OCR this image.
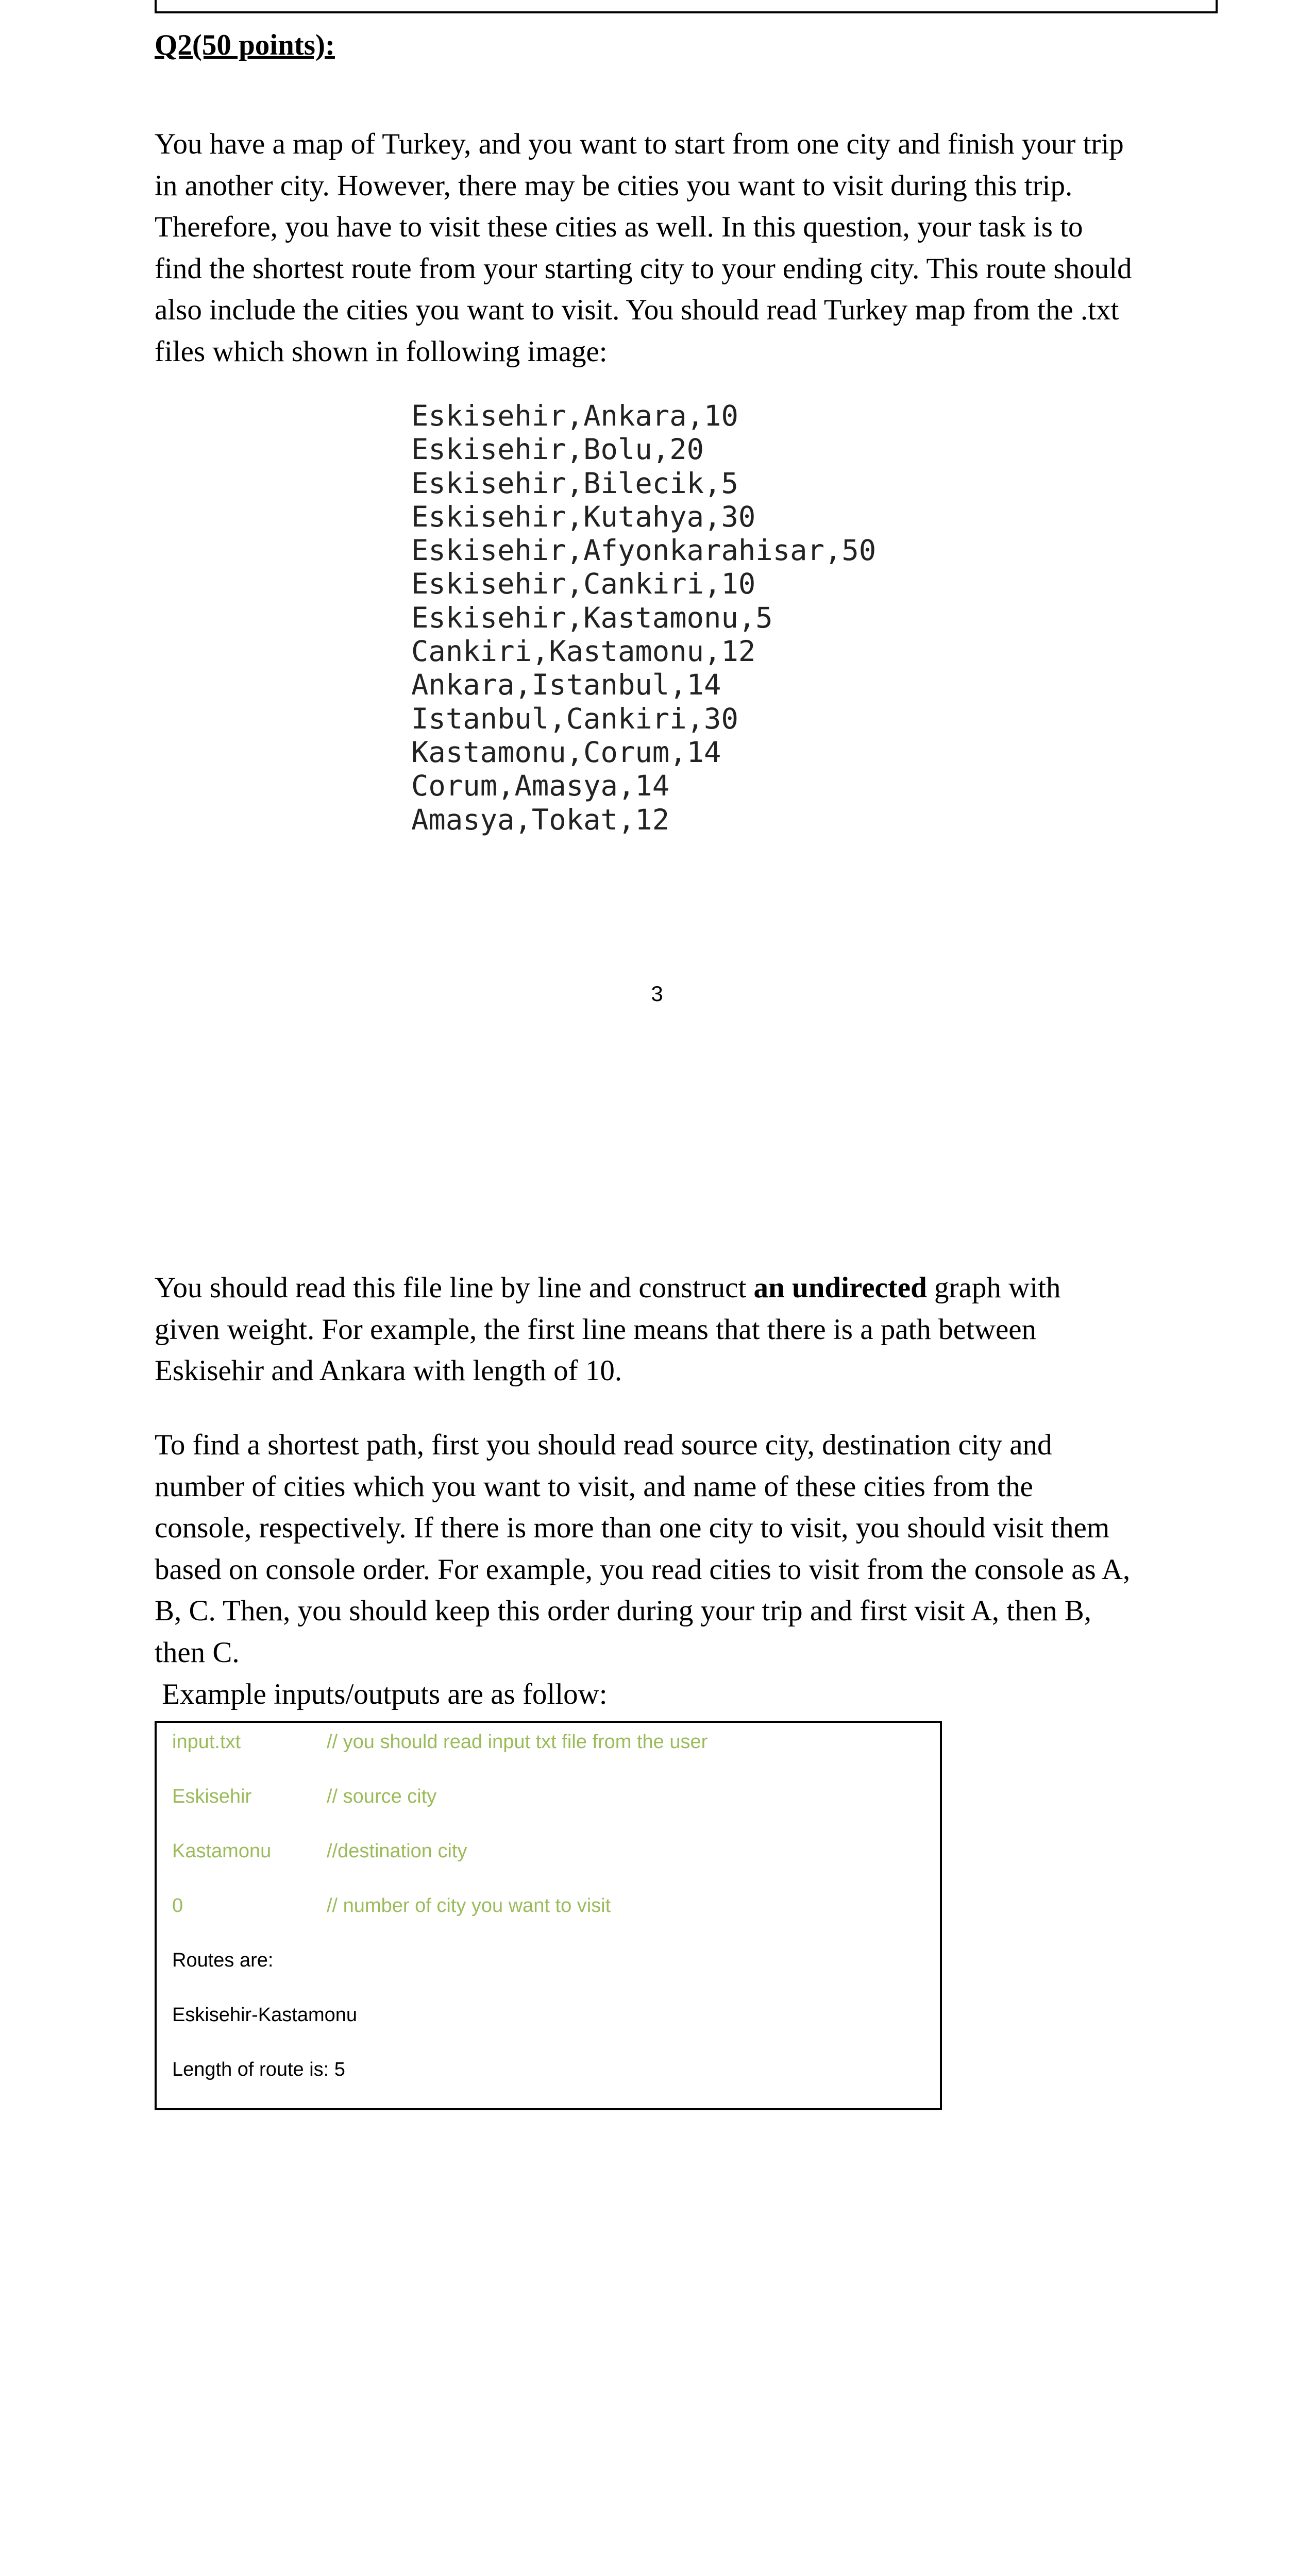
Q2(50 points):

You have a map of Turkey, and you want to start from one city and finish your trip

in another city. However, there may be cities you want to visit during this trip.

Therefore, you have to visit these cities as well. In this question, your task is to

find the shortest route from your starting city to your ending city. This route should

also include the cities you want to visit. You should read Turkey map from the .txt

files which shown in following image:

Eskisehir,Ankara,10
Eskisehir,Bolu,20
Eskisehir,Bilecik,5
Eskisehir,Kutahya,30
Eskisehir,Afyonkarahisar,50
Eskisehir,Cankiri,10
Eskisehir,Kastamonu,5
Cankiri,Kastamonu,12
Ankara,Istanbul,14
Istanbul,Cankiri,30
Kastamonu,Corum,14
Corum,Amasya,14
Amasya,Tokat,12
3

You should read this file line by line and construct an undirected graph with

given weight. For example, the first line means that there is a path between

Eskisehir and Ankara with length of 10.

To find a shortest path, first you should read source city, destination city and

number of cities which you want to visit, and name of these cities from the

console, respectively. If there is more than one city to visit, you should visit them

based on console order. For example, you read cities to visit from the console as A,

B, C. Then, you should keep this order during your trip and first visit A, then B,

then C.

Example inputs/outputs are as follow:

input.txt	// you should read input txt file from the user
Eskisehir	// source city
Kastamonu	//destination city
0	// number of city you want to visit
Routes are:
Eskisehir-Kastamonu
Length of route is: 5
